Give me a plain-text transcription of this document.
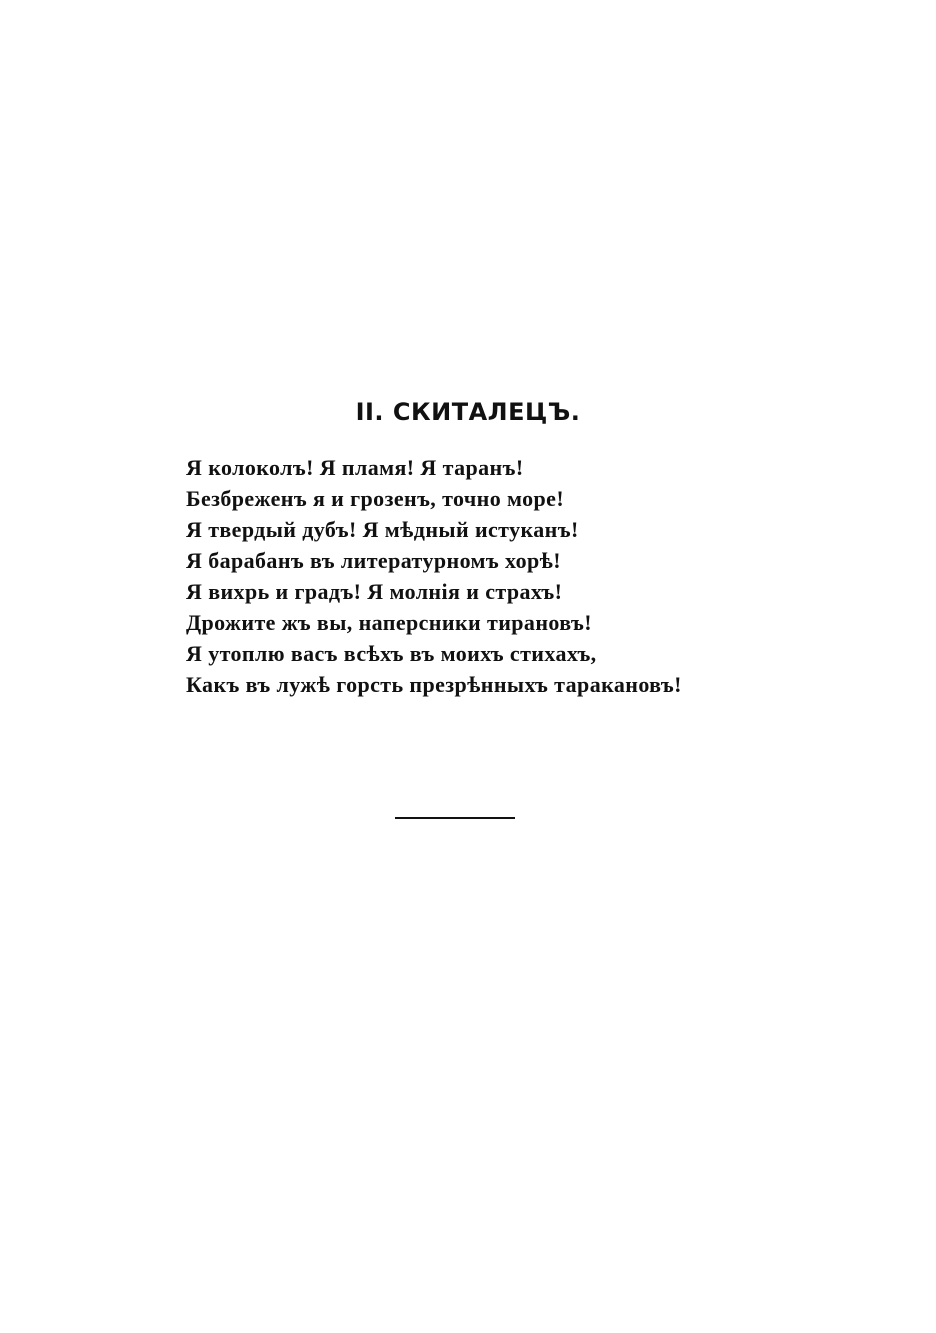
II. СКИТАЛЕЦЪ.
Я колоколъ! Я пламя! Я таранъ!
Безбреженъ я и грозенъ, точно море!
Я твердый дубъ! Я мѣдный истуканъ!
Я барабанъ въ литературномъ хорѣ!
Я вихрь и градъ! Я молнія и страхъ!
Дрожите жъ вы, наперсники тирановъ!
Я утоплю васъ всѣхъ въ моихъ стихахъ,
Какъ въ лужѣ горсть презрѣнныхъ таракановъ!
